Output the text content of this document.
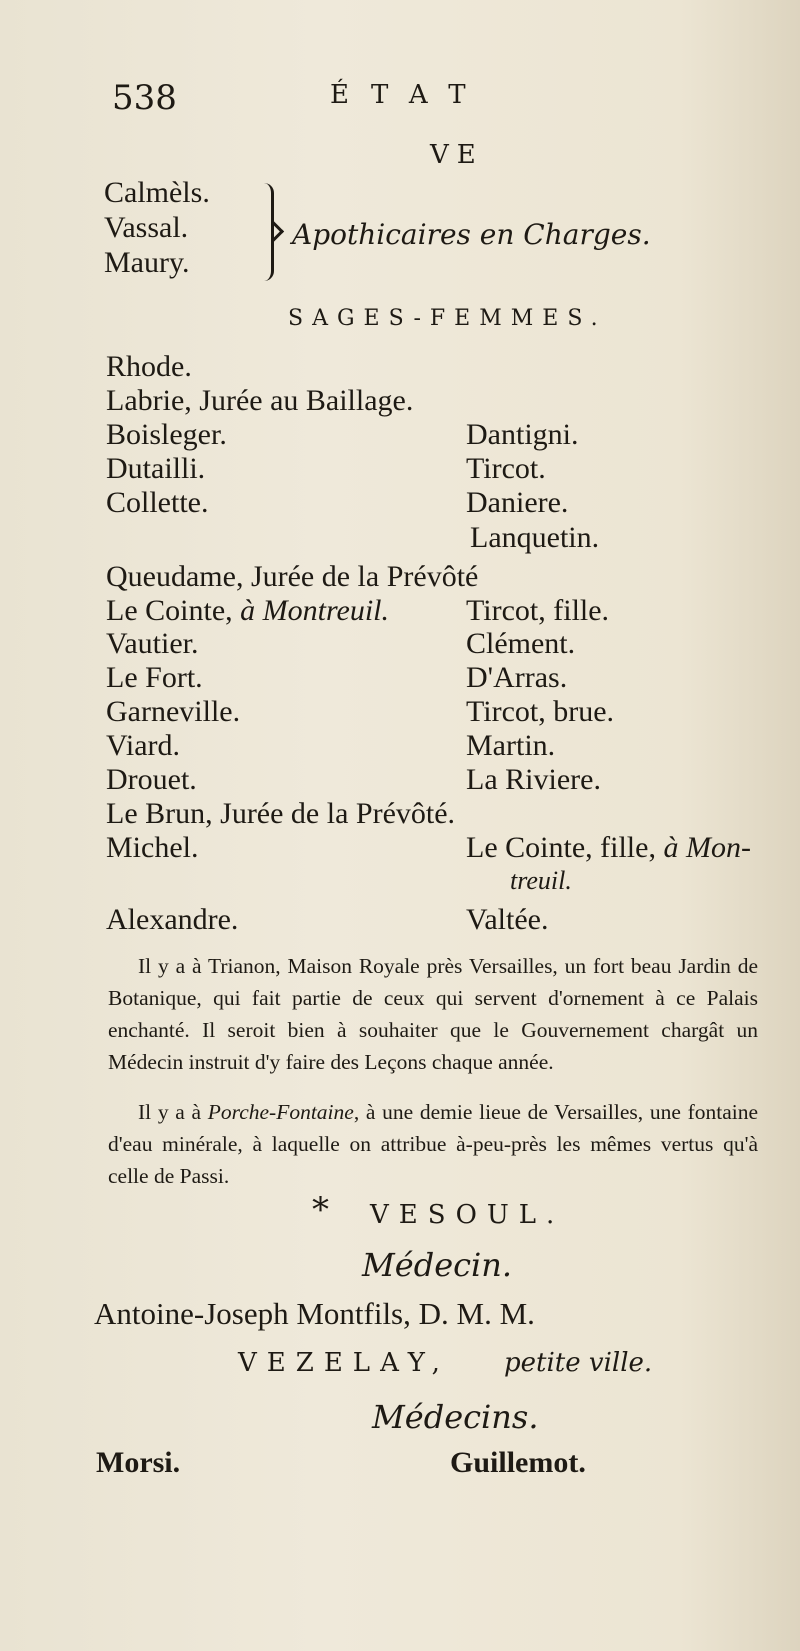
538	ÉTAT
VE
Calmèls.
Vassal.
Maury.
Apothicaires en Charges.
SAGES-FEMMES.
Rhode.
Labrie, Jurée au Baillage.
Boisleger.
Dutailli.
Collette.
Queudame, Jurée de la Prévôté
Le Cointe, à Montreuil.
Vautier.
Le Fort.
Garneville.
Viard.
Drouet.
Le Brun, Jurée de la Prévôté.
Michel.
Alexandre.
Dantigni.
Tircot.
Daniere.
Lanquetin.
Tircot, fille.
Clément.
D'Arras.
Tircot, brue.
Martin.
La Riviere.
Le Cointe, fille, à Mon-
treuil.
Valtée.
Il y a à Trianon, Maison Royale près Versailles, un fort beau Jardin de Botanique, qui fait partie de ceux qui servent d'ornement à ce Palais enchanté. Il seroit bien à souhaiter que le Gouvernement chargât un Médecin instruit d'y faire des Leçons chaque année.
Il y a à Porche-Fontaine, à une demie lieue de Versailles, une fontaine d'eau minérale, à laquelle on attribue à-peu-près les mêmes vertus qu'à celle de Passi.
* VESOUL.
Médecin.
Antoine-Joseph Montfils, D. M. M.
VEZELAY, petite ville.
Médecins.
Morsi.	Guillemot.
